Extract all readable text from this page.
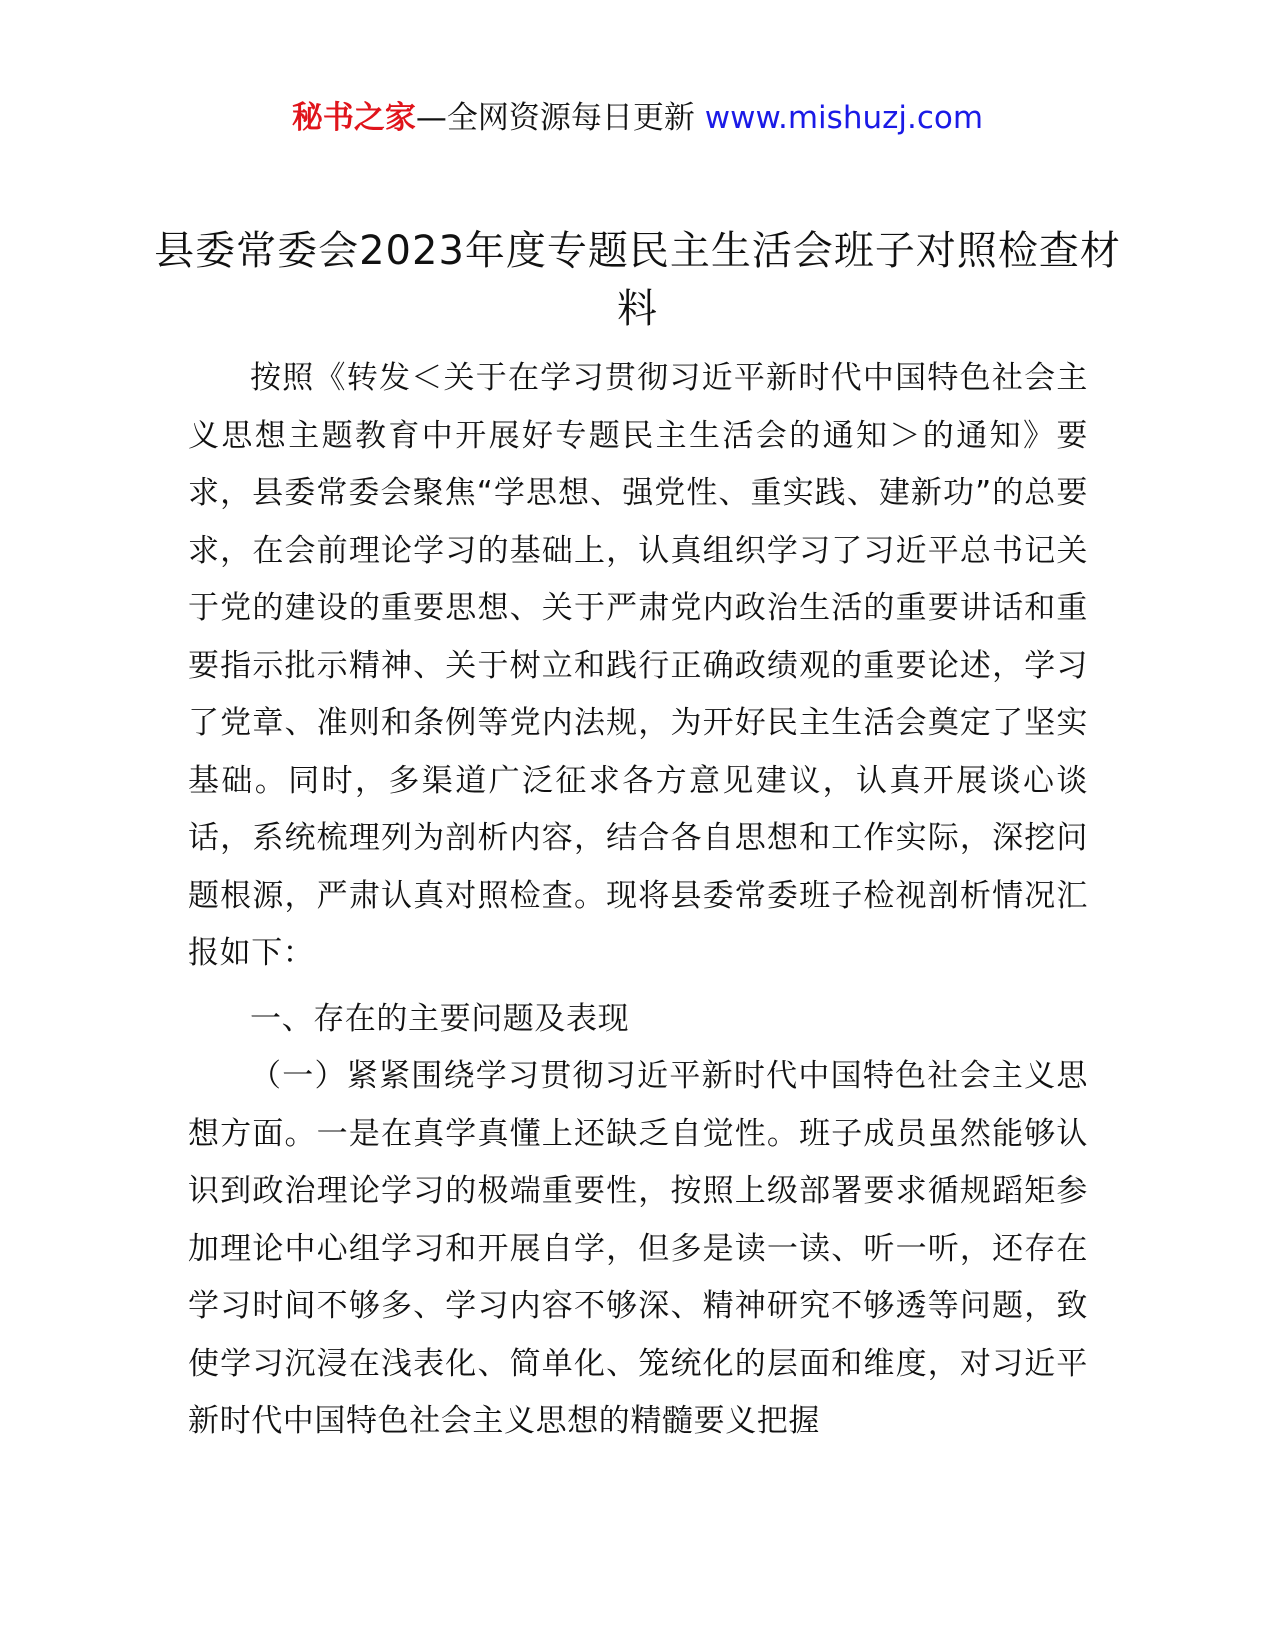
秘书之家—全网资源每日更新 www.mishuzj.com
县委常委会2023年度专题民主生活会班子对照检查材料

按照《转发＜关于在学习贯彻习近平新时代中国特色社会主义思想主题教育中开展好专题民主生活会的通知＞的通知》要求，县委常委会聚焦“学思想、强党性、重实践、建新功”的总要求，在会前理论学习的基础上，认真组织学习了习近平总书记关于党的建设的重要思想、关于严肃党内政治生活的重要讲话和重要指示批示精神、关于树立和践行正确政绩观的重要论述，学习了党章、准则和条例等党内法规，为开好民主生活会奠定了坚实基础。同时，多渠道广泛征求各方意见建议，认真开展谈心谈话，系统梳理列为剖析内容，结合各自思想和工作实际，深挖问题根源，严肃认真对照检查。现将县委常委班子检视剖析情况汇报如下：

一、存在的主要问题及表现

（一）紧紧围绕学习贯彻习近平新时代中国特色社会主义思想方面。一是在真学真懂上还缺乏自觉性。班子成员虽然能够认识到政治理论学习的极端重要性，按照上级部署要求循规蹈矩参加理论中心组学习和开展自学，但多是读一读、听一听，还存在学习时间不够多、学习内容不够深、精神研究不够透等问题，致使学习沉浸在浅表化、简单化、笼统化的层面和维度，对习近平新时代中国特色社会主义思想的精髓要义把握
